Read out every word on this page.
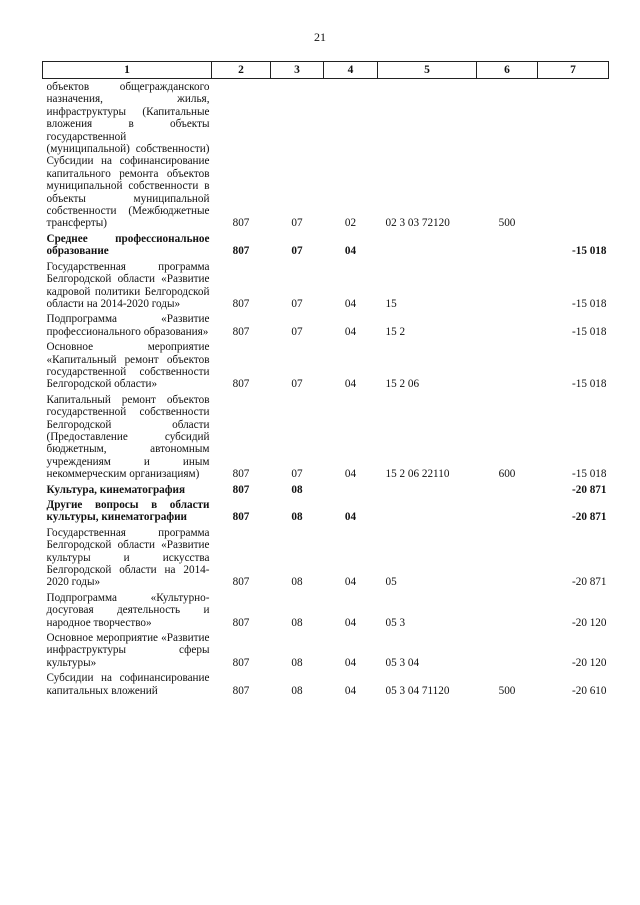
21
1	2	3	4	5	6	7
объектов общегражданского назначения, жилья, инфраструктуры (Капитальные вложения в объекты государственной (муниципальной) собственности) Субсидии на софинансирование капитального ремонта объектов муниципальной собственности в объекты муниципальной собственности (Межбюджетные трансферты)	807	07	02	02 3 03 72120	500	
Среднее профессиональное образование	807	07	04			-15 018
Государственная программа Белгородской области «Развитие кадровой политики Белгородской области на 2014-2020 годы»	807	07	04	15		-15 018
Подпрограмма «Развитие профессионального образования»	807	07	04	15 2		-15 018
Основное мероприятие «Капитальный ремонт объектов государственной собственности Белгородской области»	807	07	04	15 2 06		-15 018
Капитальный ремонт объектов государственной собственности Белгородской области (Предоставление субсидий бюджетным, автономным учреждениям и иным некоммерческим организациям)	807	07	04	15 2 06 22110	600	-15 018
Культура, кинематография	807	08				-20 871
Другие вопросы в области культуры, кинематографии	807	08	04			-20 871
Государственная программа Белгородской области «Развитие культуры и искусства Белгородской области на 2014-2020 годы»	807	08	04	05		-20 871
Подпрограмма «Культурно-досуговая деятельность и народное творчество»	807	08	04	05 3		-20 120
Основное мероприятие «Развитие инфраструктуры сферы культуры»	807	08	04	05 3 04		-20 120
Субсидии на софинансирование капитальных вложений	807	08	04	05 3 04 71120	500	-20 610
